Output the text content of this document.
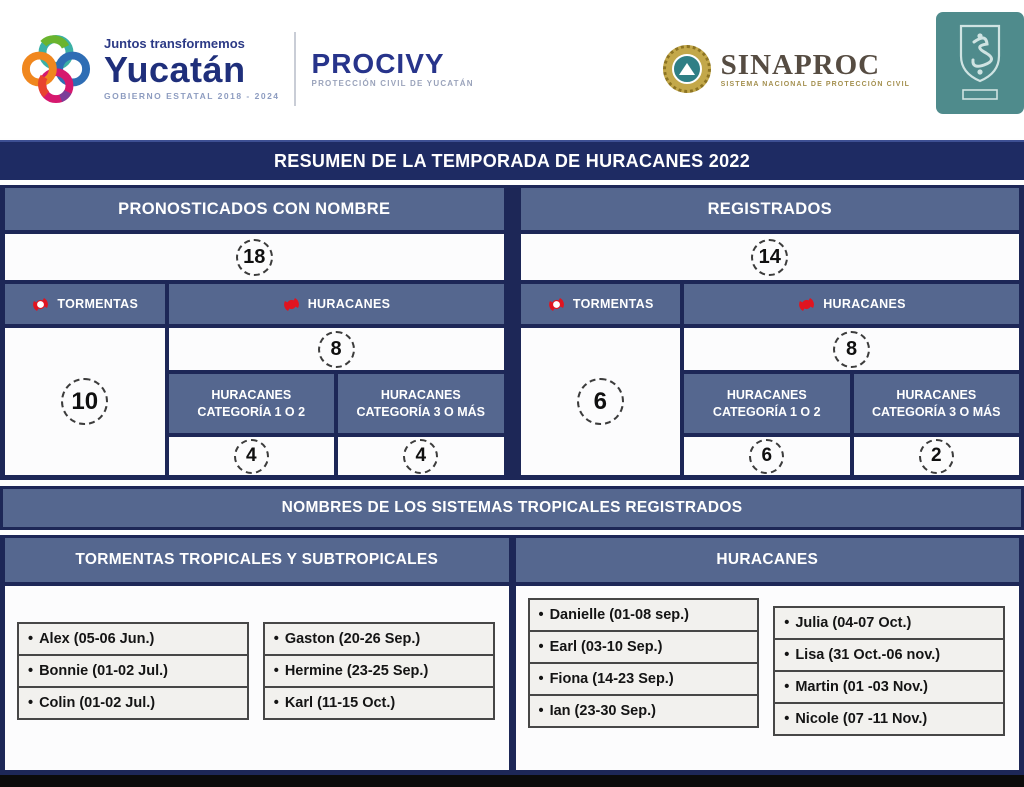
Juntos transformemos
Yucatán
GOBIERNO ESTATAL 2018 - 2024
PROCIVY
PROTECCIÓN CIVIL DE YUCATÁN
SINAPROC
SISTEMA NACIONAL DE PROTECCIÓN CIVIL
RESUMEN DE LA TEMPORADA DE HURACANES 2022
PRONOSTICADOS CON NOMBRE
18
TORMENTAS	HURACANES
10
8
HURACANES CATEGORÍA 1 O 2
HURACANES CATEGORÍA 3 O MÁS
4	4
REGISTRADOS
14
TORMENTAS	HURACANES
6
8
HURACANES CATEGORÍA 1 O 2
HURACANES CATEGORÍA 3 O MÁS
6	2
NOMBRES DE LOS SISTEMAS TROPICALES REGISTRADOS
TORMENTAS TROPICALES Y SUBTROPICALES	HURACANES
• Alex (05-06 Jun.)
• Bonnie (01-02 Jul.)
• Colin (01-02 Jul.)
• Gaston (20-26 Sep.)
• Hermine (23-25 Sep.)
• Karl (11-15 Oct.)
• Danielle (01-08 sep.)
• Earl (03-10 Sep.)
• Fiona (14-23 Sep.)
• Ian (23-30 Sep.)
• Julia (04-07 Oct.)
• Lisa (31 Oct.-06 nov.)
• Martin (01 -03 Nov.)
• Nicole (07 -11 Nov.)
